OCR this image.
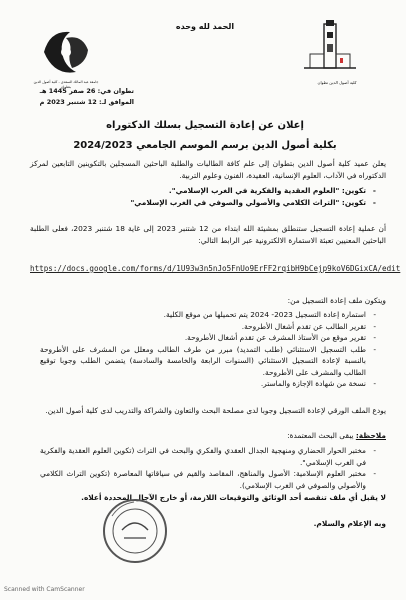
الحمد لله وحده
جامعة عبد المالك السعدي - كلية أصول الدين بتطوان
كلية أصول الدين تطوان
تطوان في: 26 صفر 1445 هـ
الموافق لـ: 12 شتنبر 2023 م
إعلان عن إعادة التسجيل بسلك الدكتوراه
بكلية أصول الدين برسم الموسم الجامعي 2024/2023
يعلن عميد كلية أصول الدين بتطوان إلى علم كافة الطالبات والطلبة الباحثين المسجلين بالتكوينين التابعين لمركز الدكتوراه في الآداب، العلوم الإنسانية، العقيدة، الفنون وعلوم التربية.
- تكوين: "العلوم العقدية والفكرية في الغرب الإسلامي".
- تكوين: "التراث الكلامي والأصولي والصوفي في الغرب الإسلامي"
أن عملية إعادة التسجيل ستنطلق بمشيئة الله ابتداء من 12 شتنبر 2023 إلى غاية 18 شتنبر 2023، فعلى الطلبة الباحثين المعنيين تعبئة الاستمارة الالكترونية عبر الرابط التالي:
https://docs.google.com/forms/d/1U93w3n5nJo5FnUo9ErFF2rqibH9bCejp9koV6DGixCA/edit
ويتكون ملف إعادة التسجيل من:
- استمارة إعادة التسجيل 2023- 2024 يتم تحميلها من موقع الكلية.
- تقرير الطالب عن تقدم أشغال الأطروحة.
- تقرير موقع من الأستاذ المشرف عن تقدم أشغال الأطروحة.
- طلب التسجيل الاستثنائي (طلب التمديد) مبرر من طرف الطالب ومعلل من المشرف على الأطروحة بالنسبة لإعادة التسجيل الاستثنائي (السنوات الرابعة والخامسة والسادسة) يتضمن الطلب وجوبا توقيع الطالب والمشرف على الأطروحة.
- نسخة من شهادة الإجازة والماستر.
يودع الملف الورقي لإعادة التسجيل وجوبا لدى مصلحة البحث والتعاون والشراكة والتدريب لدى كلية أصول الدين.
ملاحظة: يبقى البحث المعتمدة:
- مختبر الحوار الحضاري ومنهجية الجدال العقدي والفكري والبحث في التراث (تكوين العلوم العقدية والفكرية في الغرب الإسلامي".
- مختبر العلوم الإسلامية: الأصول والمناهج، المقاصد والقيم في سياقاتها المعاصرة (تكوين التراث الكلامي والأصولي والصوفي في الغرب الإسلامي).
لا يقبل أي ملف تنقصه أحد الوثائق والتوقيعات اللازمة، أو خارج الآجال المحددة أعلاه.
وبه الإعلام والسلام.
Scanned with CamScanner
